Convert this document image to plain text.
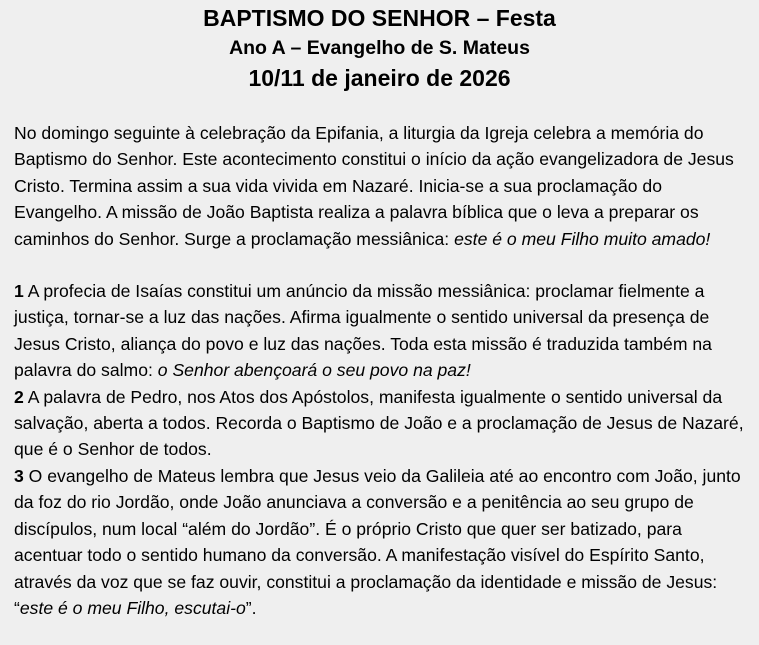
BAPTISMO DO SENHOR – Festa
Ano A – Evangelho de S. Mateus
10/11 de janeiro de 2026

No domingo seguinte à celebração da Epifania, a liturgia da Igreja celebra a memória do Baptismo do Senhor. Este acontecimento constitui o início da ação evangelizadora de Jesus Cristo. Termina assim a sua vida vivida em Nazaré. Inicia-se a sua proclamação do Evangelho. A missão de João Baptista realiza a palavra bíblica que o leva a preparar os caminhos do Senhor. Surge a proclamação messiânica: este é o meu Filho muito amado!

1 A profecia de Isaías constitui um anúncio da missão messiânica: proclamar fielmente a justiça, tornar-se a luz das nações. Afirma igualmente o sentido universal da presença de Jesus Cristo, aliança do povo e luz das nações. Toda esta missão é traduzida também na palavra do salmo: o Senhor abençoará o seu povo na paz!

2 A palavra de Pedro, nos Atos dos Apóstolos, manifesta igualmente o sentido universal da salvação, aberta a todos. Recorda o Baptismo de João e a proclamação de Jesus de Nazaré, que é o Senhor de todos.

3 O evangelho de Mateus lembra que Jesus veio da Galileia até ao encontro com João, junto da foz do rio Jordão, onde João anunciava a conversão e a penitência ao seu grupo de discípulos, num local “além do Jordão”. É o próprio Cristo que quer ser batizado, para acentuar todo o sentido humano da conversão. A manifestação visível do Espírito Santo, através da voz que se faz ouvir, constitui a proclamação da identidade e missão de Jesus: “este é o meu Filho, escutai-o”.
